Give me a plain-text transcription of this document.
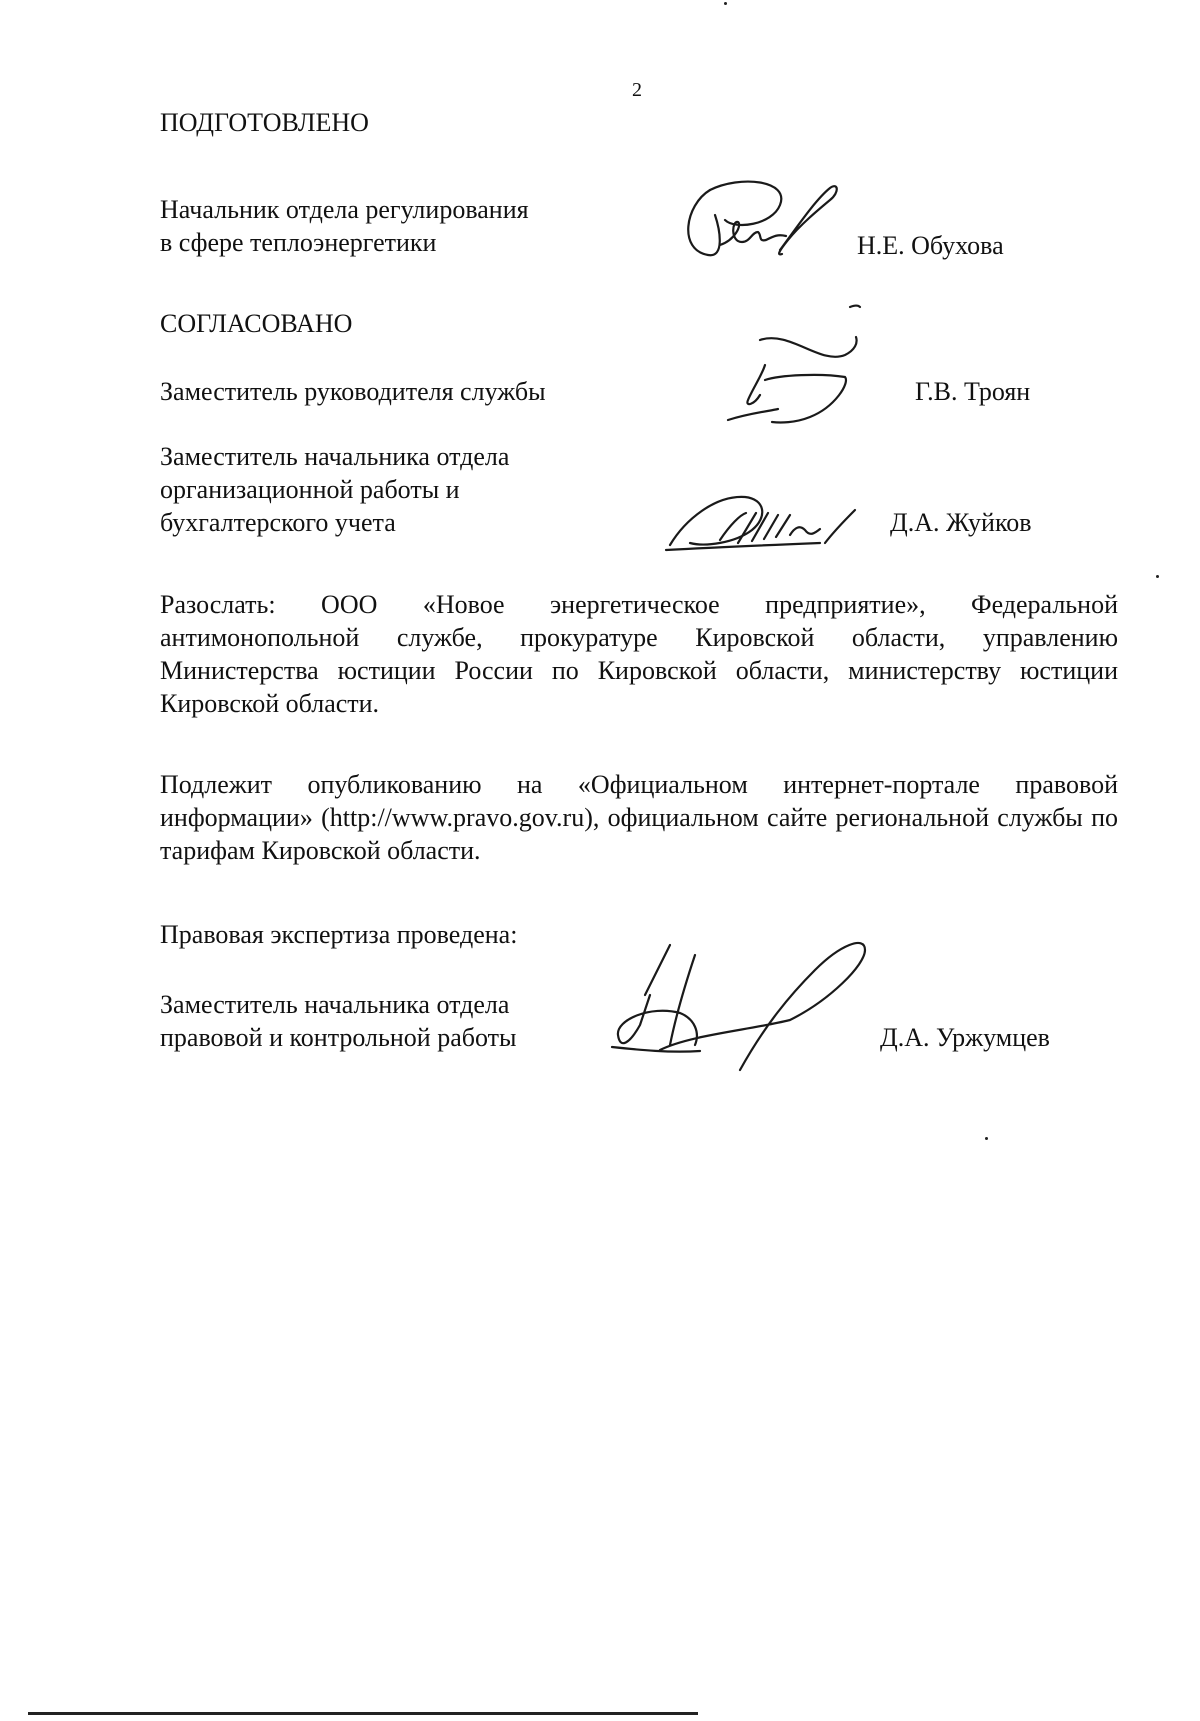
2
ПОДГОТОВЛЕНО
Начальник отдела регулирования
в сфере теплоэнергетики	Н.Е. Обухова
СОГЛАСОВАНО
Заместитель руководителя службы	Г.В. Троян
Заместитель начальника отдела
организационной работы и
бухгалтерского учета	Д.А. Жуйков
Разослать: ООО «Новое энергетическое предприятие», Федеральной антимонопольной службе, прокуратуре Кировской области, управлению Министерства юстиции России по Кировской области, министерству юстиции Кировской области.
Подлежит опубликованию на «Официальном интернет-портале правовой информации» (http://www.pravo.gov.ru), официальном сайте региональной службы по тарифам Кировской области.
Правовая экспертиза проведена:
Заместитель начальника отдела
правовой и контрольной работы	Д.А. Уржумцев
